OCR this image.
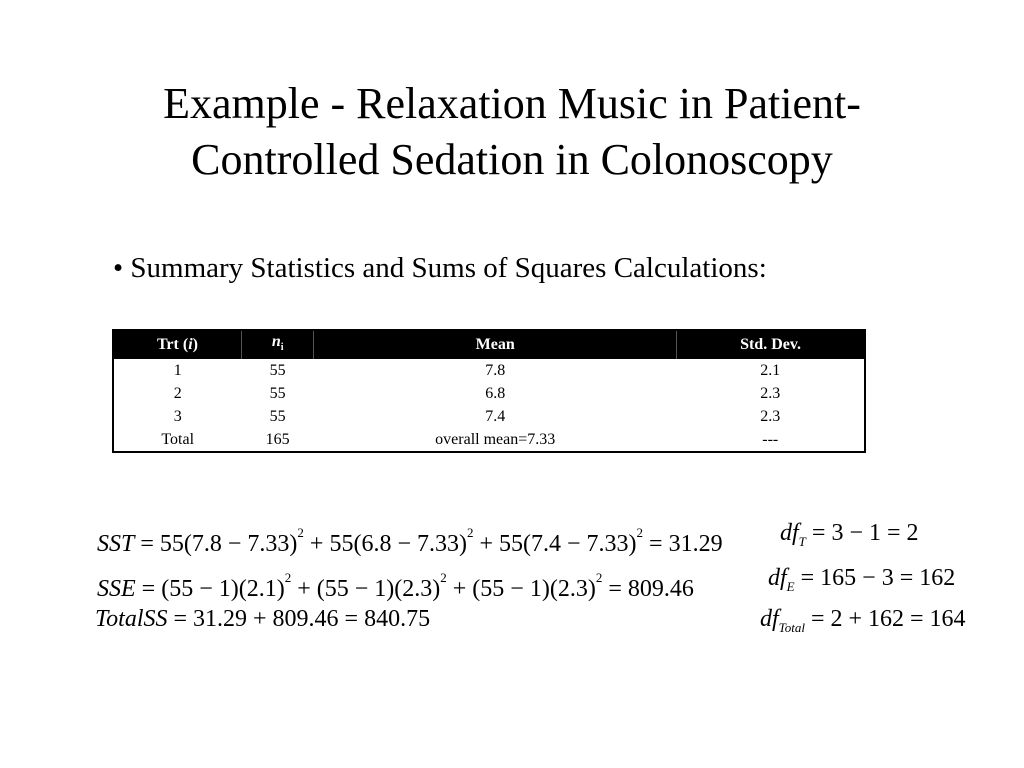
Example - Relaxation Music in Patient-
Controlled Sedation in Colonoscopy
• Summary Statistics and Sums of Squares Calculations:
Trt (i)	$n_i$	Mean	Std. Dev.
1	55	7.8	2.1
2	55	6.8	2.3
3	55	7.4	2.3
Total	165	overall mean=7.33	---
SST = $55(7.8 - 7.33)^2 + 55(6.8 - 7.33)^2 + 55(7.4 - 7.33)^2 = 31.29$ $df_T = 3 - 1 = 2$
SSE = $(55 - 1)(2.1)^2 + (55 - 1)(2.3)^2 + (55 - 1)(2.3)^2 = 809.46$	$df_E = 165 - 3 = 162$
TotalSS = 31.29 + 809.46 = 840.75	$df_{Total} = 2 + 162 = 164$
